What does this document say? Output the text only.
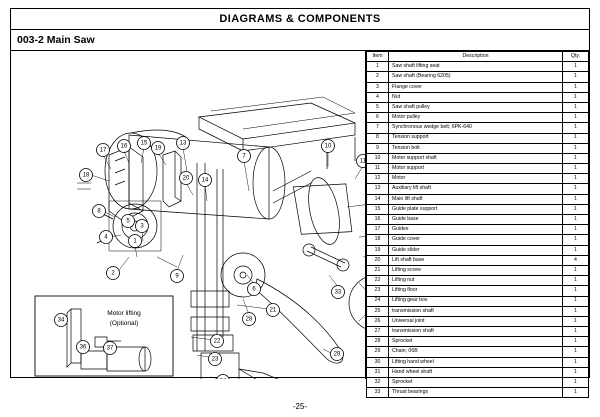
DIAGRAMS & COMPONENTS
003-2 Main Saw
Motor lifting
(Optional)
17
16 15
19
13
18	20 14
7
10
11
8
5
3
4
1
2	9
6	33
29
28
21
22
23
34
36	37
Item	Description	Qty.
1	Saw shaft lifting seat	1
2	Saw shaft (Bearing 6205)	1
3	Flange cover	1
4	Nut	1
5	Saw shaft pulley	1
6	Motor pulley	1
7	Synchronous wedge belt; 6PK-640	1
8	Tension support	1
9	Tension bolt	1
10	Motor support shaft	1
11	Motor support	1
12	Motor	1
13	Auxiliary lift shaft	1
14	Main lift shaft	1
15	Guide plate support	1
16	Guide base	1
17	Guides	1
18	Guide cover	1
19	Guide slider	1
20	Lift shaft base	4
21	Lifting screw	1
22	Lifting nut	1
23	Lifting floor	1
24	Lifting gear box	1
25	transmission shaft	1
26	Universal joint	1
27	transmission shaft	1
28	Sprocket	1
29	Chain; 06B	1
30	Lifting hand wheel	1
31	Hand wheel shaft	1
32	Sprocket	1
33	Thrust bearings	1
-25-
